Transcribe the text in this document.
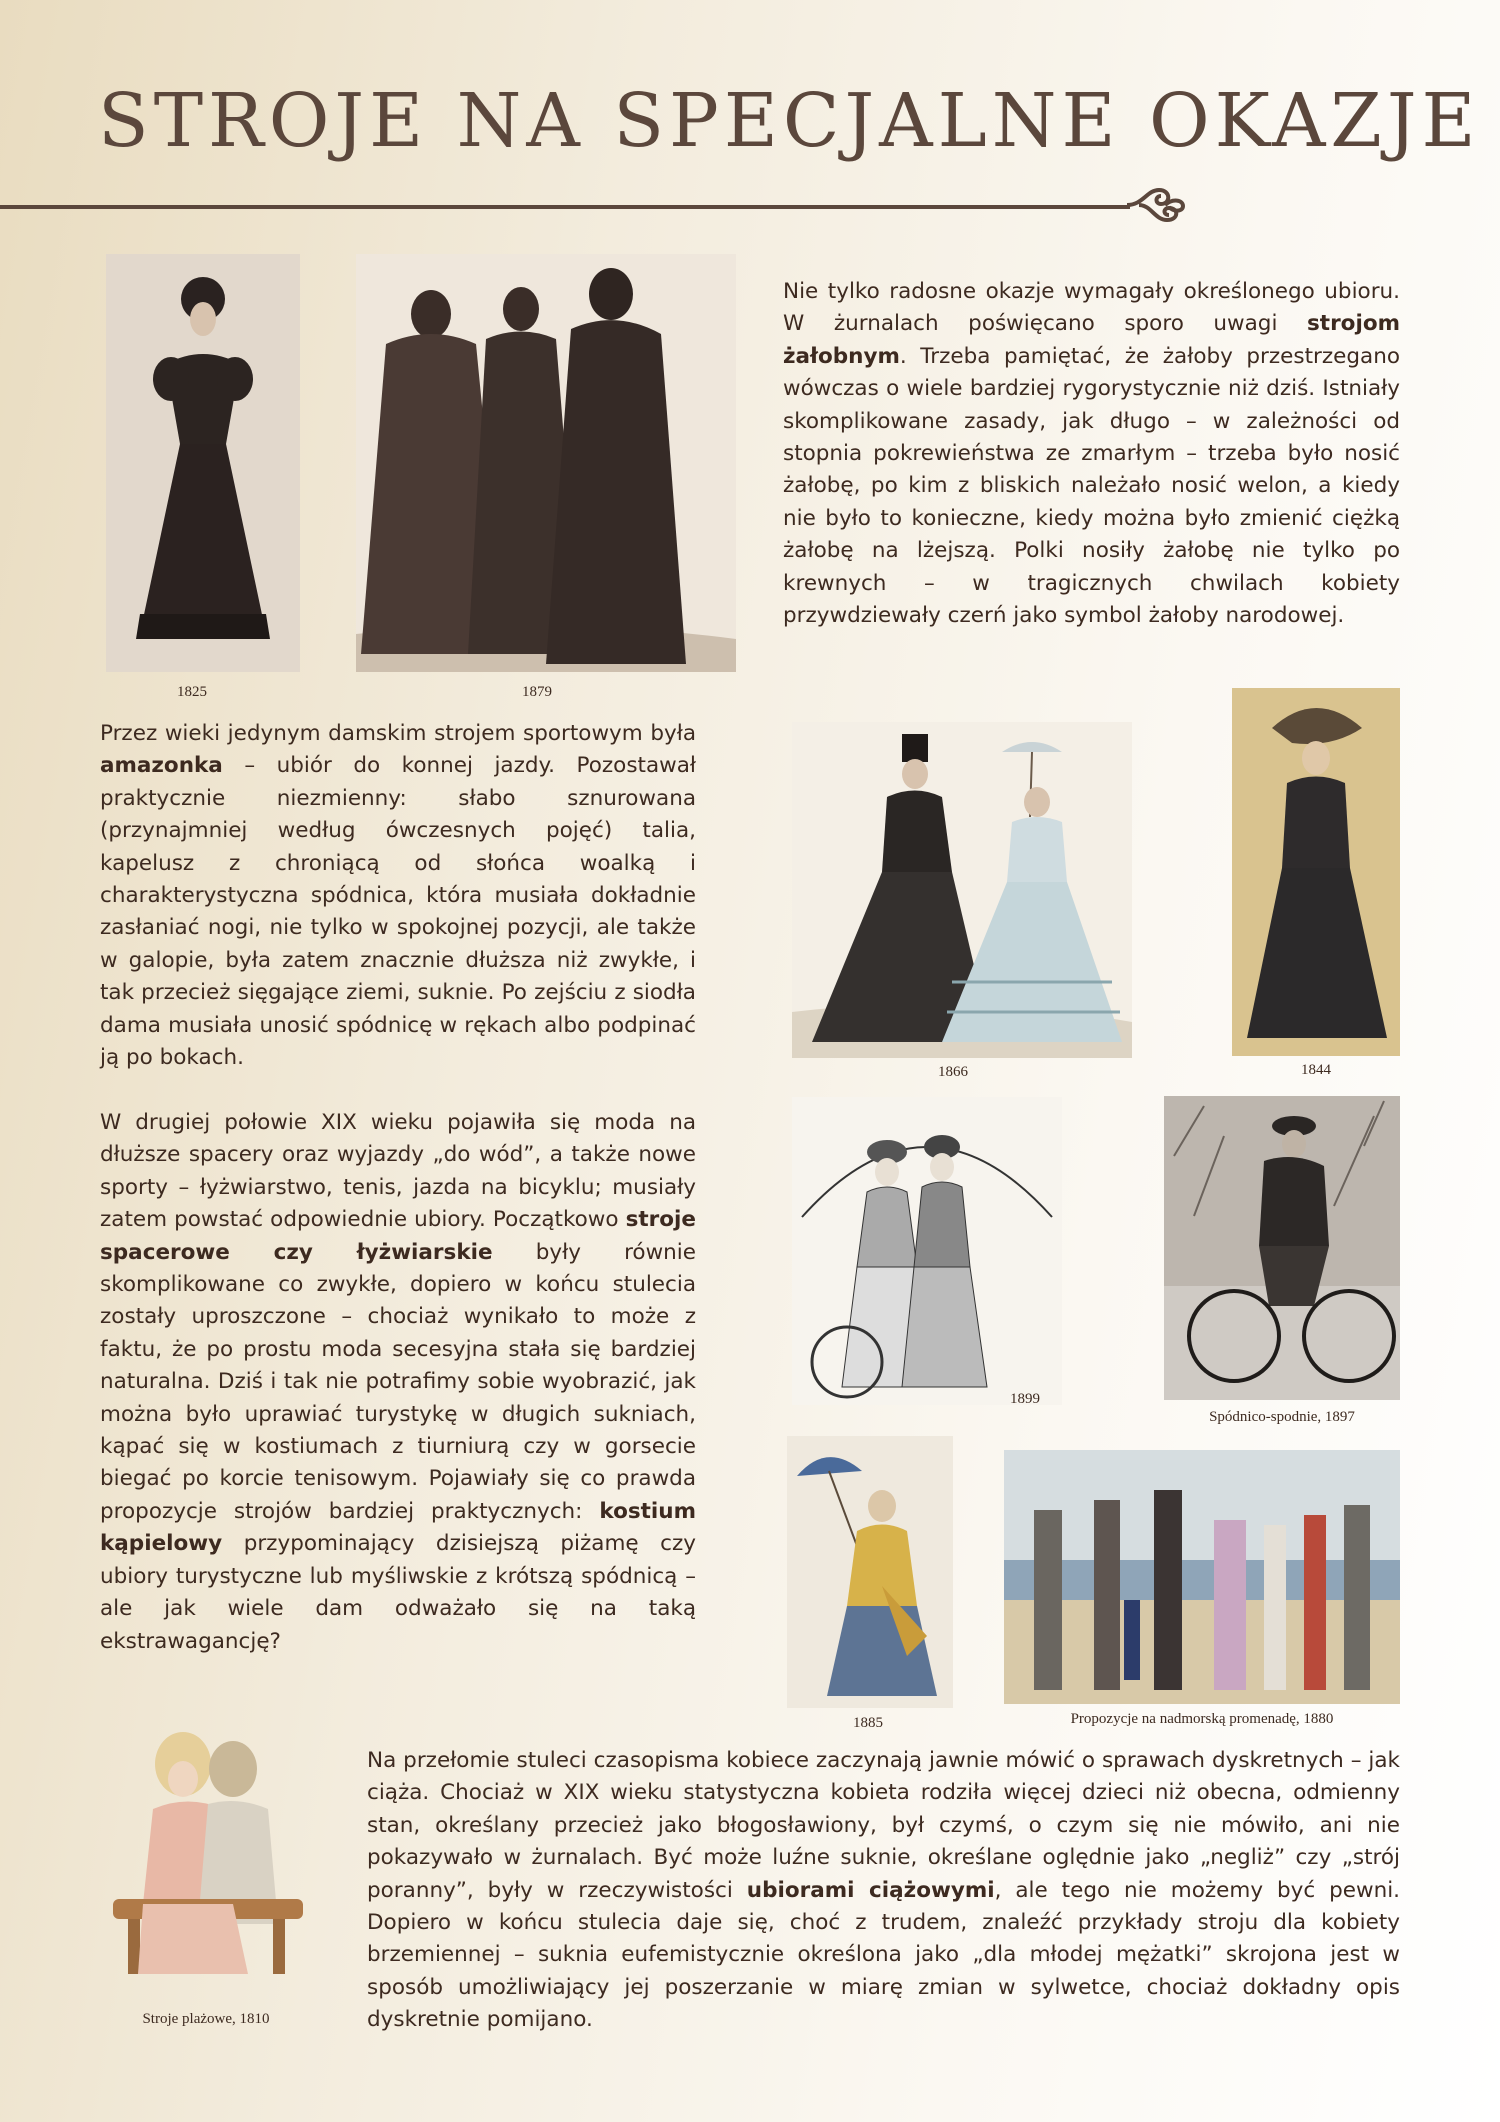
STROJE NA SPECJALNE OKAZJE
1825	1879

Nie tylko radosne okazje wymagały określonego ubioru. W żurnalach poświęcano sporo uwagi strojom żałobnym. Trzeba pamiętać, że żałoby przestrzegano wówczas o wiele bardziej rygorystycznie niż dziś. Istniały skomplikowane zasady, jak długo – w zależności od stopnia pokrewieństwa ze zmarłym – trzeba było nosić żałobę, po kim z bliskich należało nosić welon, a kiedy nie było to konieczne, kiedy można było zmienić ciężką żałobę na lżejszą. Polki nosiły żałobę nie tylko po krewnych – w tragicznych chwilach kobiety przywdziewały czerń jako symbol żałoby narodowej.

Przez wieki jedynym damskim strojem sportowym była amazonka – ubiór do konnej jazdy. Pozostawał praktycznie niezmienny: słabo sznurowana (przynajmniej według ówczesnych pojęć) talia, kapelusz z chroniącą od słońca woalką i charakterystyczna spódnica, która musiała dokładnie zasłaniać nogi, nie tylko w spokojnej pozycji, ale także w galopie, była zatem znacznie dłuższa niż zwykłe, i tak przecież sięgające ziemi, suknie. Po zejściu z siodła dama musiała unosić spódnicę w rękach albo podpinać ją po bokach.

W drugiej połowie XIX wieku pojawiła się moda na dłuższe spacery oraz wyjazdy „do wód”, a także nowe sporty – łyżwiarstwo, tenis, jazda na bicyklu; musiały zatem powstać odpowiednie ubiory. Początkowo stroje spacerowe czy łyżwiarskie były równie skomplikowane co zwykłe, dopiero w końcu stulecia zostały uproszczone – chociaż wynikało to może z faktu, że po prostu moda secesyjna stała się bardziej naturalna. Dziś i tak nie potrafimy sobie wyobrazić, jak można było uprawiać turystykę w długich sukniach, kąpać się w kostiumach z tiurniurą czy w gorsecie biegać po korcie tenisowym. Pojawiały się co prawda propozycje strojów bardziej praktycznych: kostium kąpielowy przypominający dzisiejszą piżamę czy ubiory turystyczne lub myśliwskie z krótszą spódnicą – ale jak wiele dam odważało się na taką ekstrawagancję?

1866	1844
1899
Spódnico-spodnie, 1897
1885	Propozycje na nadmorską promenadę, 1880
Stroje plażowe, 1810

Na przełomie stuleci czasopisma kobiece zaczynają jawnie mówić o sprawach dyskretnych – jak ciąża. Chociaż w XIX wieku statystyczna kobieta rodziła więcej dzieci niż obecna, odmienny stan, określany przecież jako błogosławiony, był czymś, o czym się nie mówiło, ani nie pokazywało w żurnalach. Być może luźne suknie, określane oględnie jako „negliż” czy „strój poranny”, były w rzeczywistości ubiorami ciążowymi, ale tego nie możemy być pewni. Dopiero w końcu stulecia daje się, choć z trudem, znaleźć przykłady stroju dla kobiety brzemiennej – suknia eufemistycznie określona jako „dla młodej mężatki” skrojona jest w sposób umożliwiający jej poszerzanie w miarę zmian w sylwetce, chociaż dokładny opis dyskretnie pomijano.
